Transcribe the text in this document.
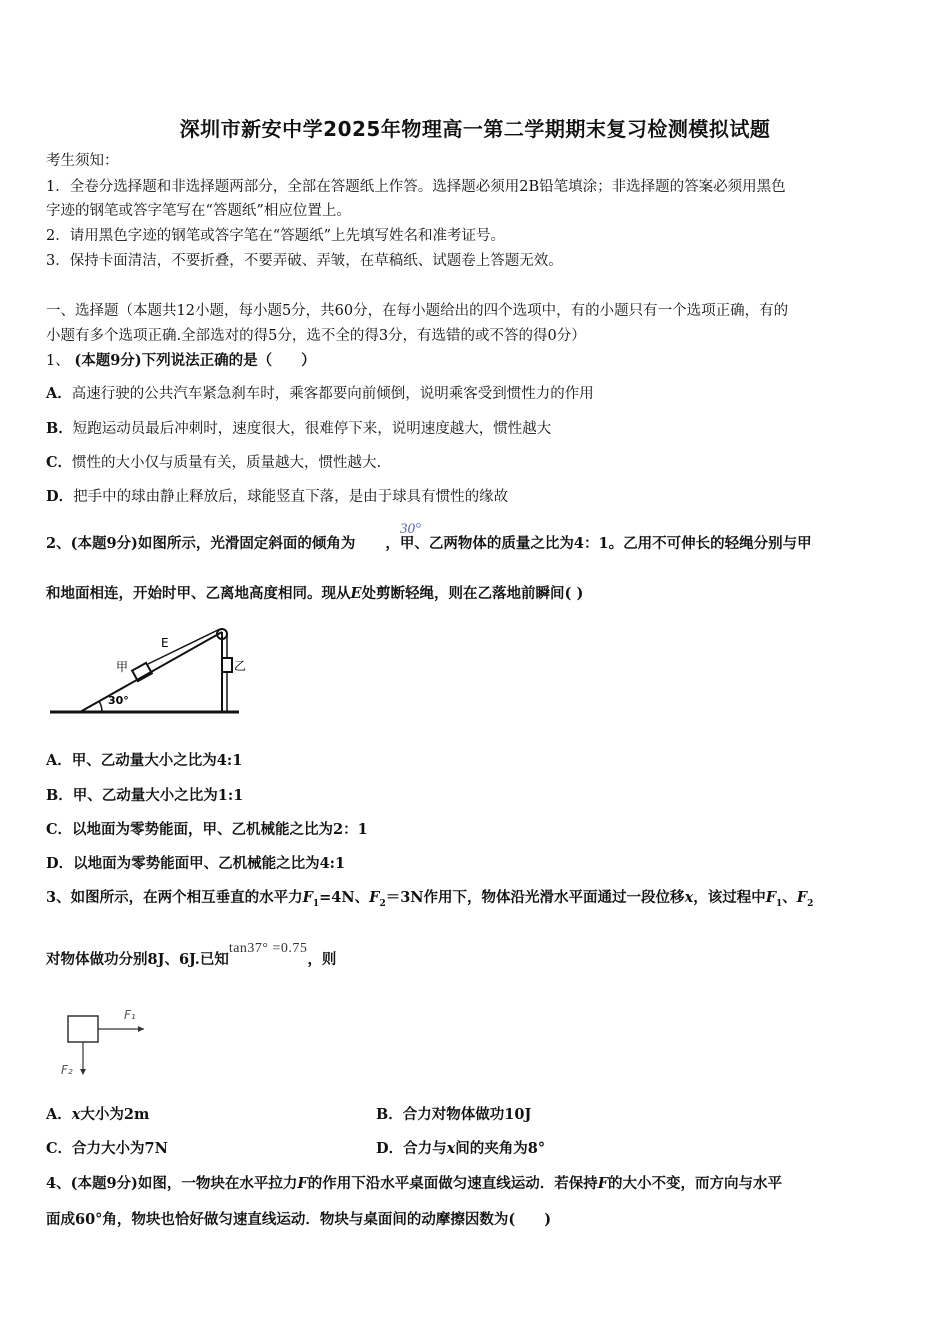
深圳市新安中学2025年物理高一第二学期期末复习检测模拟试题
考生须知：
1．全卷分选择题和非选择题两部分，全部在答题纸上作答。选择题必须用2B铅笔填涂；非选择题的答案必须用黑色
字迹的钢笔或答字笔写在“答题纸”相应位置上。
2．请用黑色字迹的钢笔或答字笔在“答题纸”上先填写姓名和准考证号。
3．保持卡面清洁，不要折叠，不要弄破、弄皱，在草稿纸、试题卷上答题无效。
一、选择题（本题共12小题，每小题5分，共60分，在每小题给出的四个选项中，有的小题只有一个选项正确，有的
小题有多个选项正确.全部选对的得5分，选不全的得3分，有选错的或不答的得0分）
1、 (本题9分)下列说法正确的是（　　）
A．高速行驶的公共汽车紧急刹车时，乘客都要向前倾倒，说明乘客受到惯性力的作用
B．短跑运动员最后冲刺时，速度很大，很难停下来，说明速度越大，惯性越大
C．惯性的大小仅与质量有关，质量越大，惯性越大.
D．把手中的球由静止释放后，球能竖直下落，是由于球具有惯性的缘故
2、(本题9分)如图所示，光滑固定斜面的倾角为 ，甲、乙两物体的质量之比为4：1。乙用不可伸长的轻绳分别与甲
30°
和地面相连，开始时甲、乙离地高度相同。现从E处剪断轻绳，则在乙落地前瞬间( )
30°
甲
E
乙
A．甲、乙动量大小之比为4:1
B．甲、乙动量大小之比为1:1
C．以地面为零势能面，甲、乙机械能之比为2：1
D．以地面为零势能面甲、乙机械能之比为4:1
3、如图所示，在两个相互垂直的水平力$F_1=4N$、$F_2=3N$作用下，物体沿光滑水平面通过一段位移x，该过程中$F_1$、$F_2$
对物体做功分别8J、6J.已知tan37° =0.75，则
F₁
F₂
A．x大小为2m	B．合力对物体做功10J
C．合力大小为7N	D．合力与x间的夹角为8°
4、(本题9分)如图，一物块在水平拉力F的作用下沿水平桌面做匀速直线运动．若保持F的大小不变，而方向与水平
面成60°角，物块也恰好做匀速直线运动．物块与桌面间的动摩擦因数为(　　)
